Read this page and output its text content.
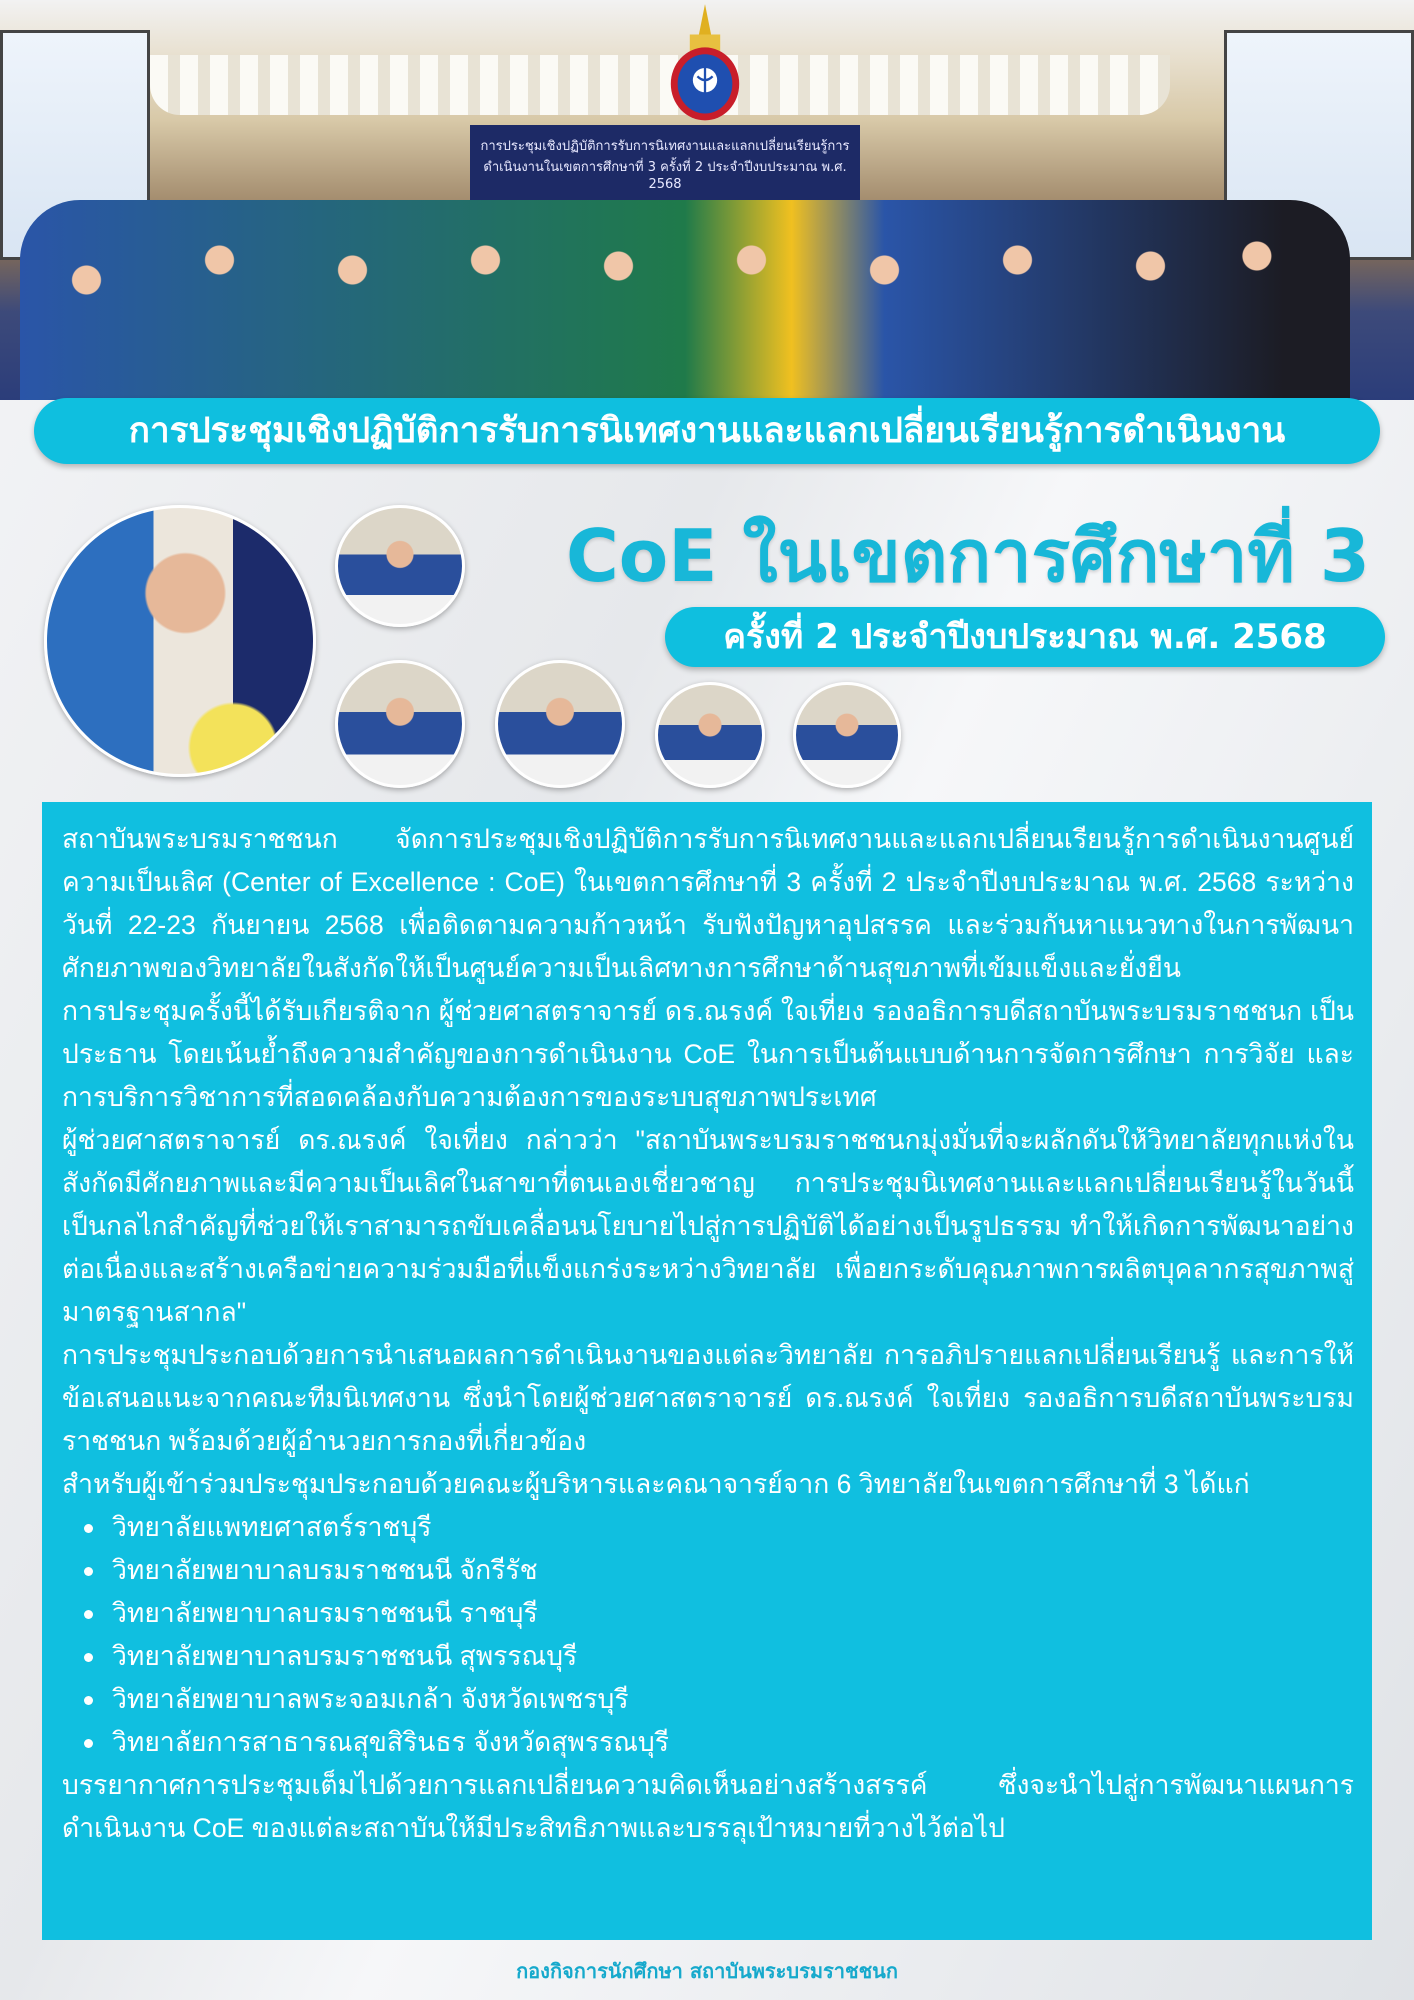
การประชุมเชิงปฏิบัติการรับการนิเทศงานและแลกเปลี่ยนเรียนรู้การดำเนินงานในเขตการศึกษาที่ 3 ครั้งที่ 2 ประจำปีงบประมาณ พ.ศ. 2568
การประชุมเชิงปฏิบัติการรับการนิเทศงานและแลกเปลี่ยนเรียนรู้การดำเนินงาน
CoE ในเขตการศึกษาที่ 3
ครั้งที่ 2 ประจำปีงบประมาณ พ.ศ. 2568

สถาบันพระบรมราชชนก จัดการประชุมเชิงปฏิบัติการรับการนิเทศงานและแลกเปลี่ยนเรียนรู้การดำเนินงานศูนย์ความเป็นเลิศ (Center of Excellence : CoE) ในเขตการศึกษาที่ 3 ครั้งที่ 2 ประจำปีงบประมาณ พ.ศ. 2568 ระหว่างวันที่ 22-23 กันยายน 2568 เพื่อติดตามความก้าวหน้า รับฟังปัญหาอุปสรรค และร่วมกันหาแนวทางในการพัฒนาศักยภาพของวิทยาลัยในสังกัดให้เป็นศูนย์ความเป็นเลิศทางการศึกษาด้านสุขภาพที่เข้มแข็งและยั่งยืน

การประชุมครั้งนี้ได้รับเกียรติจาก ผู้ช่วยศาสตราจารย์ ดร.ณรงค์ ใจเที่ยง รองอธิการบดีสถาบันพระบรมราชชนก เป็นประธาน โดยเน้นย้ำถึงความสำคัญของการดำเนินงาน CoE ในการเป็นต้นแบบด้านการจัดการศึกษา การวิจัย และการบริการวิชาการที่สอดคล้องกับความต้องการของระบบสุขภาพประเทศ

ผู้ช่วยศาสตราจารย์ ดร.ณรงค์ ใจเที่ยง กล่าวว่า "สถาบันพระบรมราชชนกมุ่งมั่นที่จะผลักดันให้วิทยาลัยทุกแห่งในสังกัดมีศักยภาพและมีความเป็นเลิศในสาขาที่ตนเองเชี่ยวชาญ การประชุมนิเทศงานและแลกเปลี่ยนเรียนรู้ในวันนี้ เป็นกลไกสำคัญที่ช่วยให้เราสามารถขับเคลื่อนนโยบายไปสู่การปฏิบัติได้อย่างเป็นรูปธรรม ทำให้เกิดการพัฒนาอย่างต่อเนื่องและสร้างเครือข่ายความร่วมมือที่แข็งแกร่งระหว่างวิทยาลัย เพื่อยกระดับคุณภาพการผลิตบุคลากรสุขภาพสู่มาตรฐานสากล"

การประชุมประกอบด้วยการนำเสนอผลการดำเนินงานของแต่ละวิทยาลัย การอภิปรายแลกเปลี่ยนเรียนรู้ และการให้ข้อเสนอแนะจากคณะทีมนิเทศงาน ซึ่งนำโดยผู้ช่วยศาสตราจารย์ ดร.ณรงค์ ใจเที่ยง รองอธิการบดีสถาบันพระบรมราชชนก พร้อมด้วยผู้อำนวยการกองที่เกี่ยวข้อง

สำหรับผู้เข้าร่วมประชุมประกอบด้วยคณะผู้บริหารและคณาจารย์จาก 6 วิทยาลัยในเขตการศึกษาที่ 3 ได้แก่

วิทยาลัยแพทยศาสตร์ราชบุรี
วิทยาลัยพยาบาลบรมราชชนนี จักรีรัช
วิทยาลัยพยาบาลบรมราชชนนี ราชบุรี
วิทยาลัยพยาบาลบรมราชชนนี สุพรรณบุรี
วิทยาลัยพยาบาลพระจอมเกล้า จังหวัดเพชรบุรี
วิทยาลัยการสาธารณสุขสิรินธร จังหวัดสุพรรณบุรี

บรรยากาศการประชุมเต็มไปด้วยการแลกเปลี่ยนความคิดเห็นอย่างสร้างสรรค์ ซึ่งจะนำไปสู่การพัฒนาแผนการดำเนินงาน CoE ของแต่ละสถาบันให้มีประสิทธิภาพและบรรลุเป้าหมายที่วางไว้ต่อไป

กองกิจการนักศึกษา สถาบันพระบรมราชชนก
